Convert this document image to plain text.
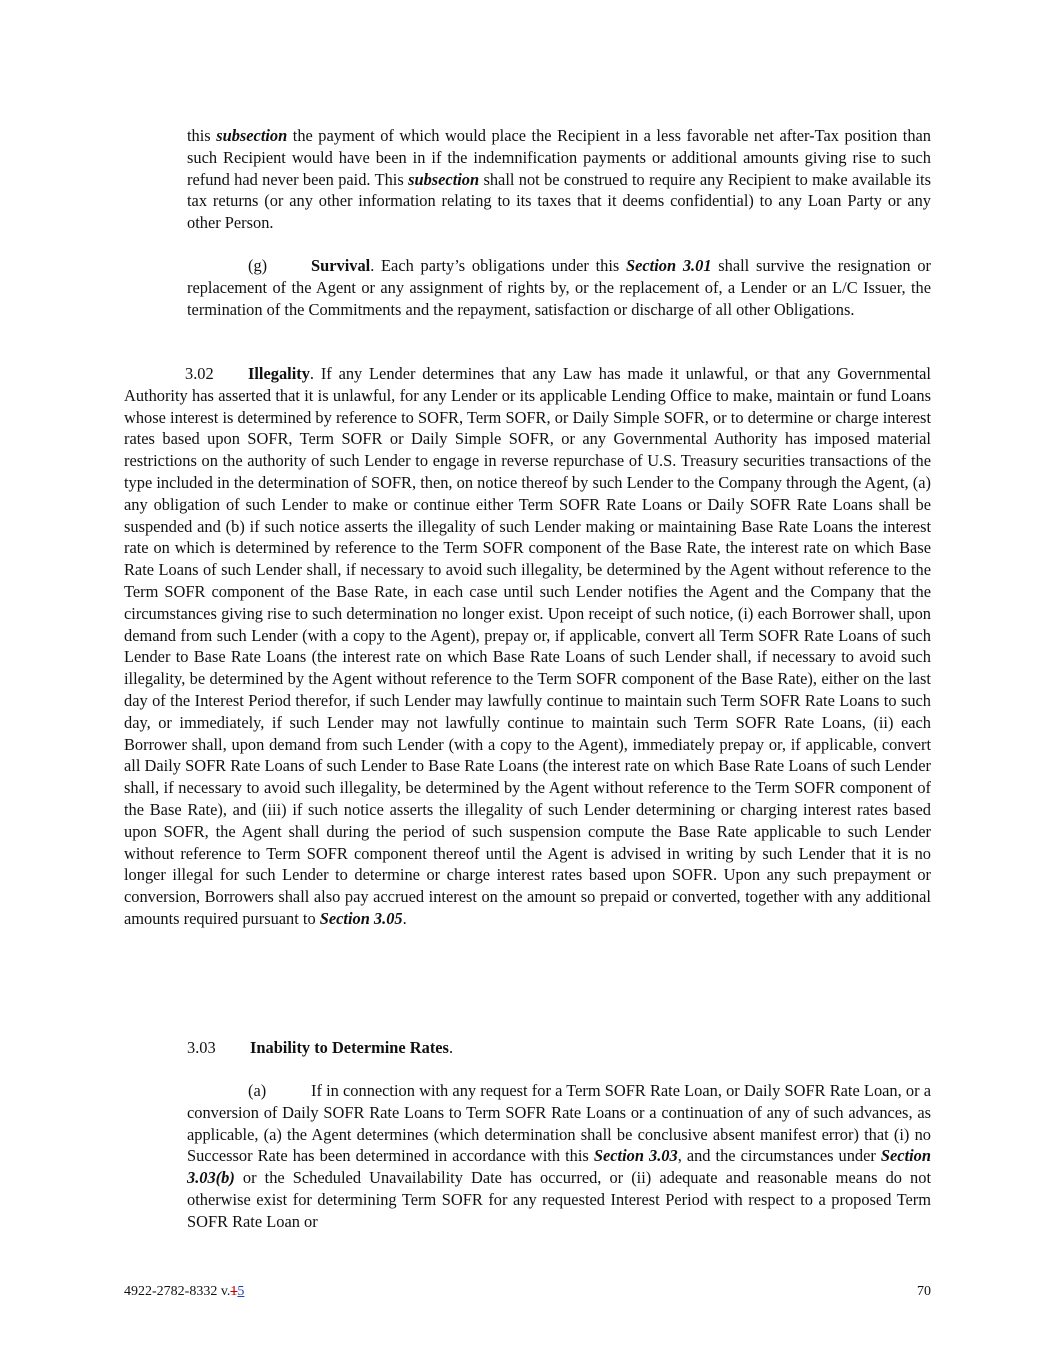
this subsection the payment of which would place the Recipient in a less favorable net after-Tax position than such Recipient would have been in if the indemnification payments or additional amounts giving rise to such refund had never been paid. This subsection shall not be construed to require any Recipient to make available its tax returns (or any other information relating to its taxes that it deems confidential) to any Loan Party or any other Person.

(g)	Survival. Each party’s obligations under this Section 3.01 shall survive the resignation or replacement of the Agent or any assignment of rights by, or the replacement of, a Lender or an L/C Issuer, the termination of the Commitments and the repayment, satisfaction or discharge of all other Obligations.

3.02 Illegality. If any Lender determines that any Law has made it unlawful, or that any Governmental Authority has asserted that it is unlawful, for any Lender or its applicable Lending Office to make, maintain or fund Loans whose interest is determined by reference to SOFR, Term SOFR, or Daily Simple SOFR, or to determine or charge interest rates based upon SOFR, Term SOFR or Daily Simple SOFR, or any Governmental Authority has imposed material restrictions on the authority of such Lender to engage in reverse repurchase of U.S. Treasury securities transactions of the type included in the determination of SOFR, then, on notice thereof by such Lender to the Company through the Agent, (a) any obligation of such Lender to make or continue either Term SOFR Rate Loans or Daily SOFR Rate Loans shall be suspended and (b) if such notice asserts the illegality of such Lender making or maintaining Base Rate Loans the interest rate on which is determined by reference to the Term SOFR component of the Base Rate, the interest rate on which Base Rate Loans of such Lender shall, if necessary to avoid such illegality, be determined by the Agent without reference to the Term SOFR component of the Base Rate, in each case until such Lender notifies the Agent and the Company that the circumstances giving rise to such determination no longer exist. Upon receipt of such notice, (i) each Borrower shall, upon demand from such Lender (with a copy to the Agent), prepay or, if applicable, convert all Term SOFR Rate Loans of such Lender to Base Rate Loans (the interest rate on which Base Rate Loans of such Lender shall, if necessary to avoid such illegality, be determined by the Agent without reference to the Term SOFR component of the Base Rate), either on the last day of the Interest Period therefor, if such Lender may lawfully continue to maintain such Term SOFR Rate Loans to such day, or immediately, if such Lender may not lawfully continue to maintain such Term SOFR Rate Loans, (ii) each Borrower shall, upon demand from such Lender (with a copy to the Agent), immediately prepay or, if applicable, convert all Daily SOFR Rate Loans of such Lender to Base Rate Loans (the interest rate on which Base Rate Loans of such Lender shall, if necessary to avoid such illegality, be determined by the Agent without reference to the Term SOFR component of the Base Rate), and (iii) if such notice asserts the illegality of such Lender determining or charging interest rates based upon SOFR, the Agent shall during the period of such suspension compute the Base Rate applicable to such Lender without reference to Term SOFR component thereof until the Agent is advised in writing by such Lender that it is no longer illegal for such Lender to determine or charge interest rates based upon SOFR. Upon any such prepayment or conversion, Borrowers shall also pay accrued interest on the amount so prepaid or converted, together with any additional amounts required pursuant to Section 3.05.

3.03 Inability to Determine Rates.

(a)	If in connection with any request for a Term SOFR Rate Loan, or Daily SOFR Rate Loan, or a conversion of Daily SOFR Rate Loans to Term SOFR Rate Loans or a continuation of any of such advances, as applicable, (a) the Agent determines (which determination shall be conclusive absent manifest error) that (i) no Successor Rate has been determined in accordance with this Section 3.03, and the circumstances under Section 3.03(b) or the Scheduled Unavailability Date has occurred, or (ii) adequate and reasonable means do not otherwise exist for determining Term SOFR for any requested Interest Period with respect to a proposed Term SOFR Rate Loan or

4922-2782-8332 v.15	70
